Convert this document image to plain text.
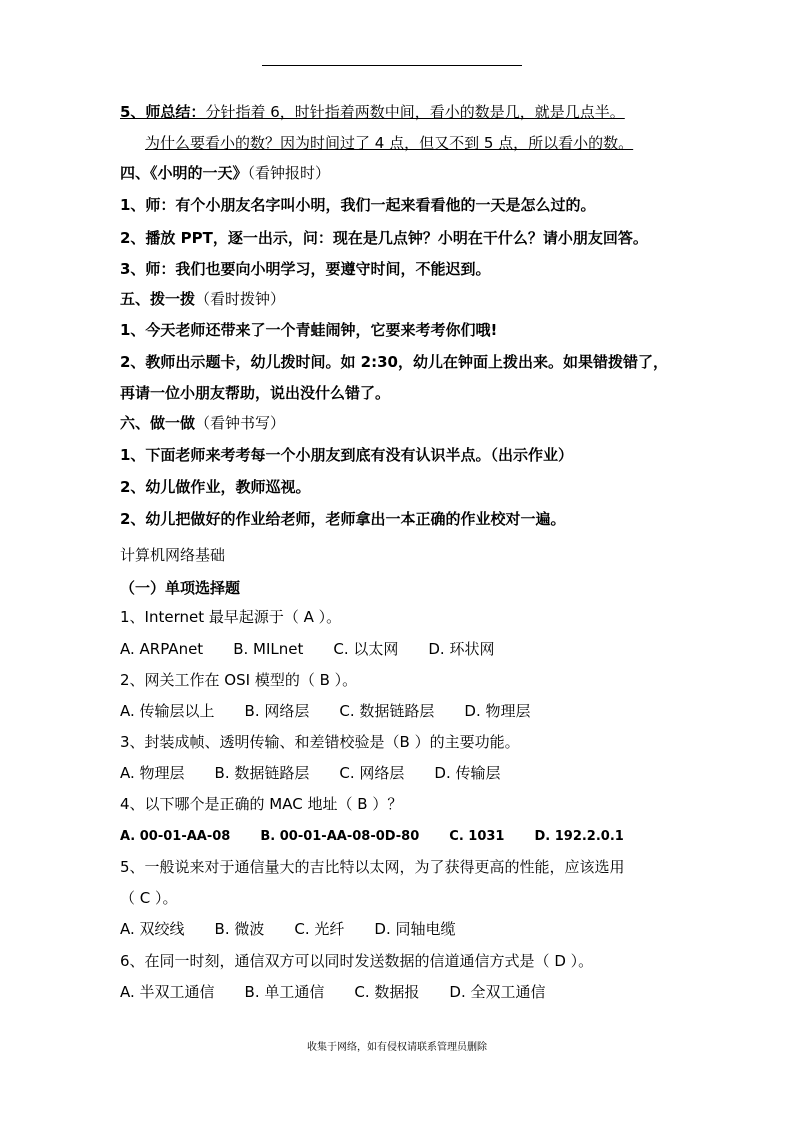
5、师总结：分针指着 6，时针指着两数中间，看小的数是几，就是几点半。
为什么要看小的数？因为时间过了 4 点，但又不到 5 点，所以看小的数。
四、《小明的一天》（看钟报时）
1、师：有个小朋友名字叫小明，我们一起来看看他的一天是怎么过的。
2、播放 PPT，逐一出示，问：现在是几点钟？小明在干什么？请小朋友回答。
3、师：我们也要向小明学习，要遵守时间，不能迟到。
五、拨一拨（看时拨钟）
1、今天老师还带来了一个青蛙闹钟，它要来考考你们哦!
2、教师出示题卡，幼儿拨时间。如 2:30，幼儿在钟面上拨出来。如果错拨错了，
再请一位小朋友帮助，说出没什么错了。
六、做一做（看钟书写）
1、下面老师来考考每一个小朋友到底有没有认识半点。（出示作业）
2、幼儿做作业，教师巡视。
2、幼儿把做好的作业给老师，老师拿出一本正确的作业校对一遍。
计算机网络基础
（一）单项选择题
1、Internet 最早起源于（ A ）。
A. ARPAnet B. MILnet C. 以太网 D. 环状网
2、网关工作在 OSI 模型的（ B ）。
A. 传输层以上 B. 网络层 C. 数据链路层 D. 物理层
3、封装成帧、透明传输、和差错校验是（B ）的主要功能。
A. 物理层 B. 数据链路层 C. 网络层 D. 传输层
4、以下哪个是正确的 MAC 地址（ B ）？
A. 00-01-AA-08 B. 00-01-AA-08-0D-80 C. 1031 D. 192.2.0.1
5、一般说来对于通信量大的吉比特以太网，为了获得更高的性能，应该选用
（ C ）。
A. 双绞线 B. 微波 C. 光纤 D. 同轴电缆
6、在同一时刻，通信双方可以同时发送数据的信道通信方式是（ D ）。
A. 半双工通信 B. 单工通信 C. 数据报 D. 全双工通信
收集于网络，如有侵权请联系管理员删除
